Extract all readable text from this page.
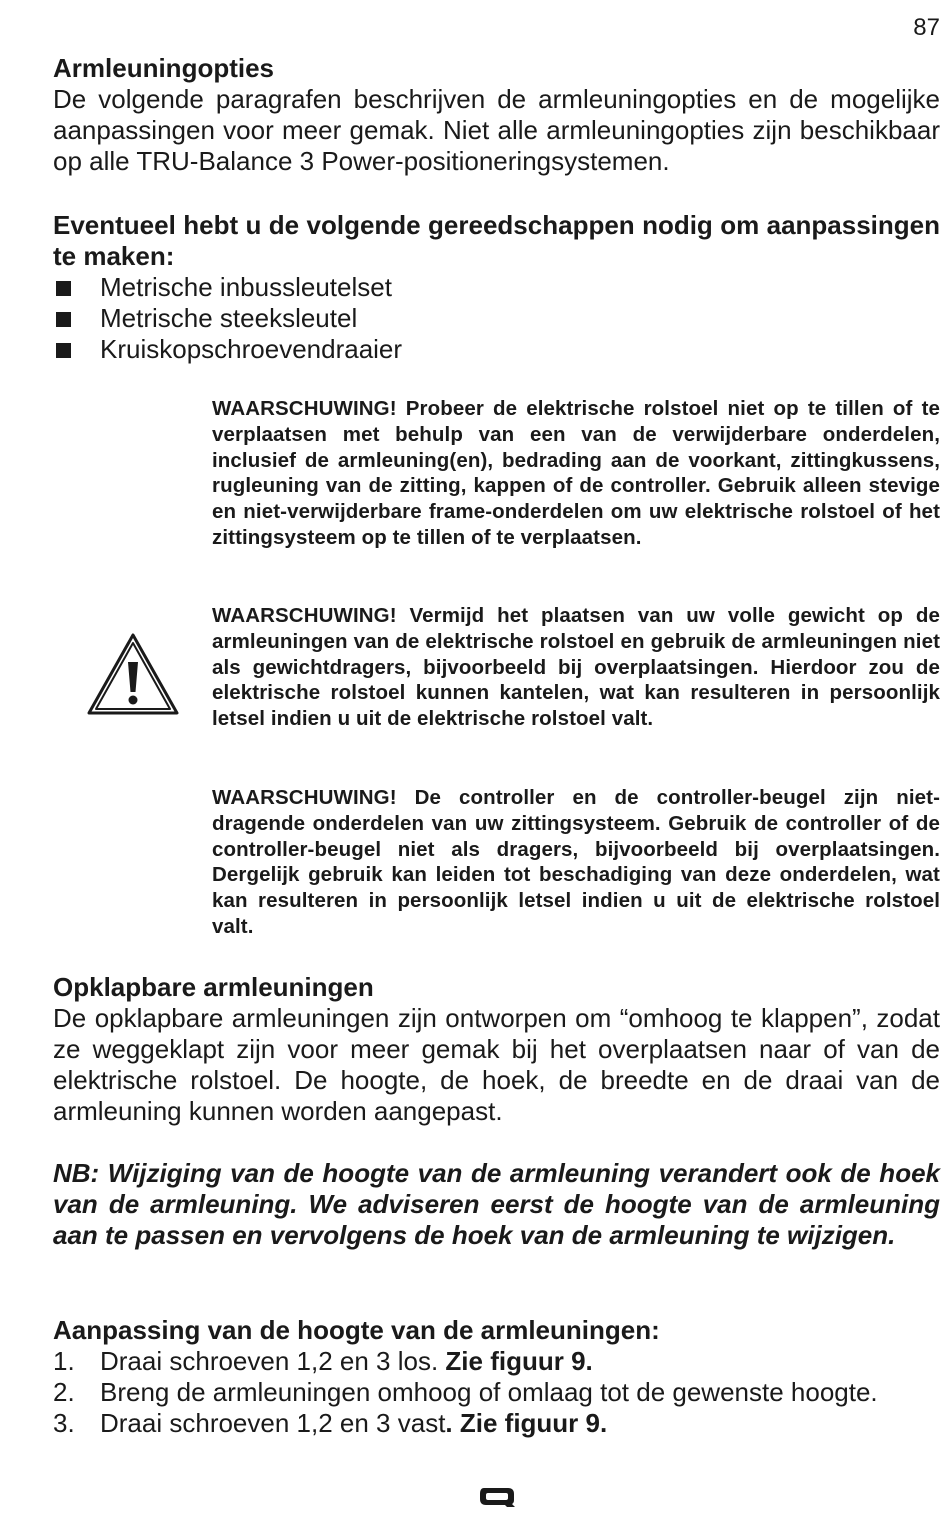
87

Armleuningopties

De volgende paragrafen beschrijven de armleuningopties en de mogelijke aanpassingen voor meer gemak. Niet alle armleuningopties zijn beschikbaar op alle TRU-Balance 3 Power-positioneringsystemen.

Eventueel hebt u de volgende gereedschappen nodig om aanpassingen te maken:

Metrische inbussleutelset
Metrische steeksleutel
Kruiskopschroevendraaier

WAARSCHUWING! Probeer de elektrische rolstoel niet op te tillen of te verplaatsen met behulp van een van de verwijderbare onderdelen, inclusief de armleuning(en), bedrading aan de voorkant, zittingkussens, rugleuning van de zitting, kappen of de controller. Gebruik alleen stevige en niet-verwijderbare frame-onderdelen om uw elektrische rolstoel of het zittingsysteem op te tillen of te verplaatsen.

WAARSCHUWING! Vermijd het plaatsen van uw volle gewicht op de armleuningen van de elektrische rolstoel en gebruik de armleuningen niet als gewichtdragers, bijvoorbeeld bij overplaatsingen. Hierdoor zou de elektrische rolstoel kunnen kantelen, wat kan resulteren in persoonlijk letsel indien u uit de elektrische rolstoel valt.

WAARSCHUWING! De controller en de controller-beugel zijn niet-dragende onderdelen van uw zittingsysteem. Gebruik de controller of de controller-beugel niet als dragers, bijvoorbeeld bij overplaatsingen. Dergelijk gebruik kan leiden tot beschadiging van deze onderdelen, wat kan resulteren in persoonlijk letsel indien u uit de elektrische rolstoel valt.

Opklapbare armleuningen

De opklapbare armleuningen zijn ontworpen om “omhoog te klappen”, zodat ze weggeklapt zijn voor meer gemak bij het overplaatsen naar of van de elektrische rolstoel. De hoogte, de hoek, de breedte en de draai van de armleuning kunnen worden aangepast.

NB: Wijziging van de hoogte van de armleuning verandert ook de hoek van de armleuning. We adviseren eerst de hoogte van de armleuning aan te passen en vervolgens de hoek van de armleuning te wijzigen.

Aanpassing van de hoogte van de armleuningen:

1. Draai schroeven 1,2 en 3 los. Zie figuur 9.
2. Breng de armleuningen omhoog of omlaag tot de gewenste hoogte.
3. Draai schroeven 1,2 en 3 vast. Zie figuur 9.
